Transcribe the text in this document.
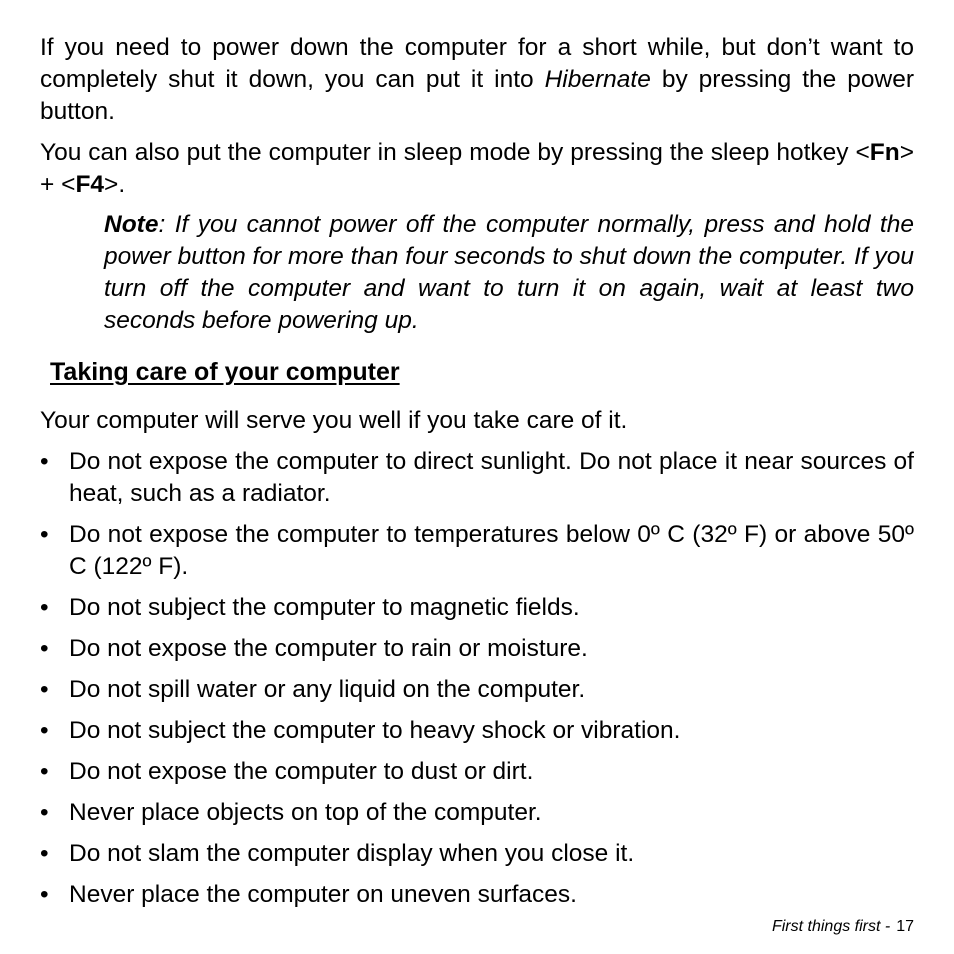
If you need to power down the computer for a short while, but don’t want to completely shut it down, you can put it into Hibernate by pressing the power button.

You can also put the computer in sleep mode by pressing the sleep hotkey <Fn> + <F4>.

Note: If you cannot power off the computer normally, press and hold the power button for more than four seconds to shut down the computer. If you turn off the computer and want to turn it on again, wait at least two seconds before powering up.

Taking care of your computer

Your computer will serve you well if you take care of it.

• Do not expose the computer to direct sunlight. Do not place it near sources of heat, such as a radiator.
• Do not expose the computer to temperatures below 0º C (32º F) or above 50º C (122º F).
• Do not subject the computer to magnetic fields.
• Do not expose the computer to rain or moisture.
• Do not spill water or any liquid on the computer.
• Do not subject the computer to heavy shock or vibration.
• Do not expose the computer to dust or dirt.
• Never place objects on top of the computer.
• Do not slam the computer display when you close it.
• Never place the computer on uneven surfaces.
First things first - 17
